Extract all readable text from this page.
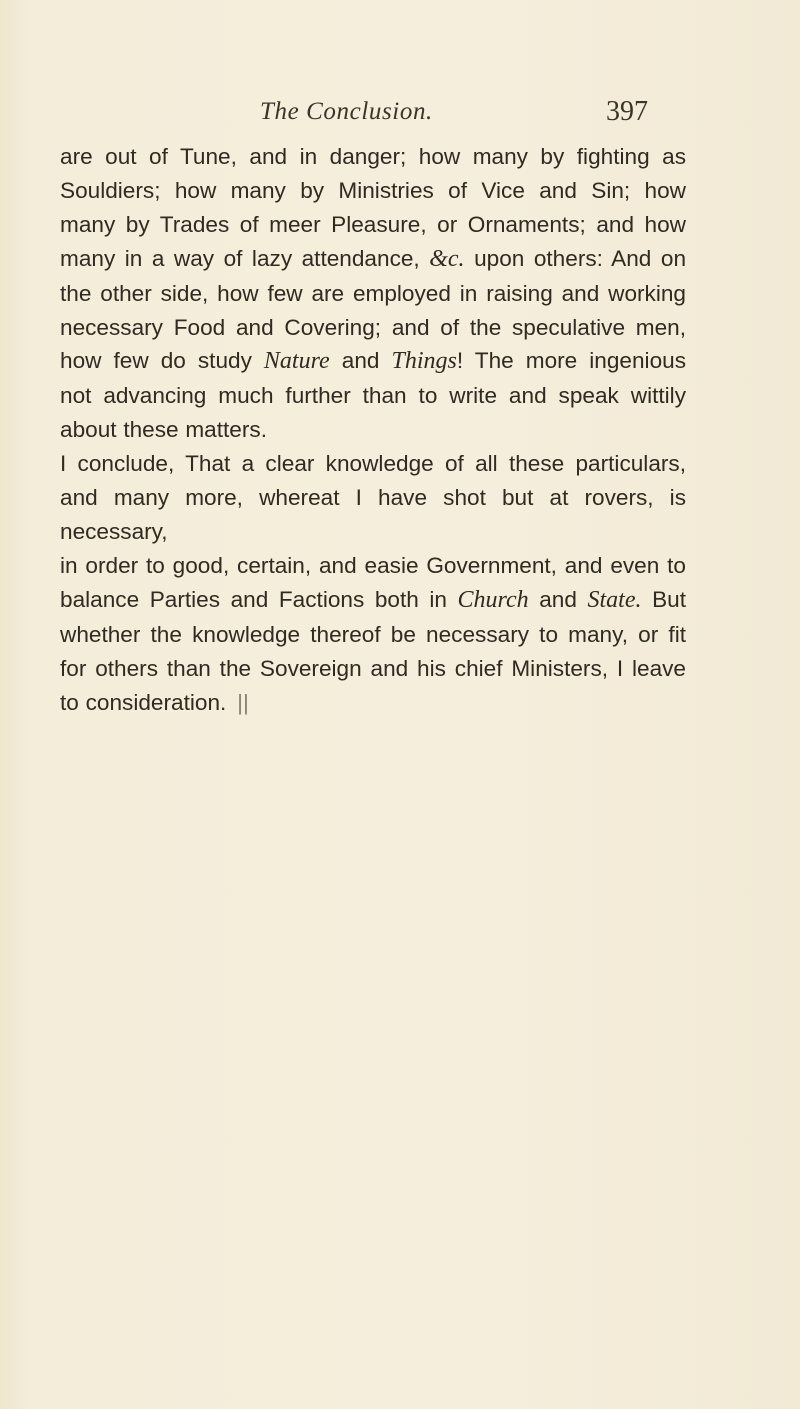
The Conclusion.	397

are out of Tune, and in danger; how many by fighting as

Souldiers; how many by Ministries of Vice and Sin; how

many by Trades of meer Pleasure, or Ornaments; and how

many in a way of lazy attendance, &c. upon others: And on

the other side, how few are employed in raising and working

necessary Food and Covering; and of the speculative men,

how few do study Nature and Things! The more ingenious

not advancing much further than to write and speak wittily

about these matters.

I conclude, That a clear knowledge of all these particulars,

and many more, whereat I have shot but at rovers, is necessary,

in order to good, certain, and easie Government, and even to

balance Parties and Factions both in Church and State. But

whether the knowledge thereof be necessary to many, or fit

for others than the Sovereign and his chief Ministers, I leave

to consideration. ||
